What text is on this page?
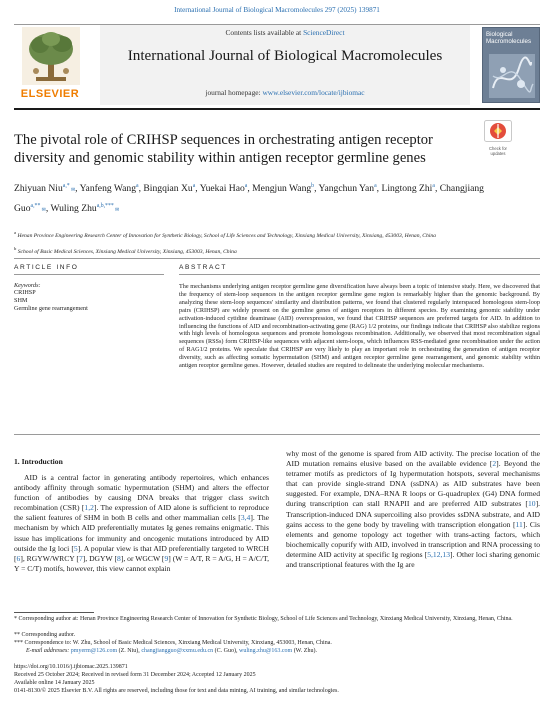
International Journal of Biological Macromolecules 297 (2025) 139871
ELSEVIER
Contents lists available at ScienceDirect
International Journal of Biological Macromolecules
journal homepage: www.elsevier.com/locate/ijbiomac
Biological Macromolecules
The pivotal role of CRIHSP sequences in orchestrating antigen receptor
diversity and genomic stability within antigen receptor germline genes
Check for
updates
Zhiyuan Niu$^{a,*}$ ✉, Yanfeng Wang$^a$, Bingqian Xu$^a$, Yuekai Hao$^a$, Mengjun Wang$^b$, Yangchun Yan$^a$, Lingtong Zhi$^a$, Changjiang Guo$^{a,**}$ ✉, Wuling Zhu$^{a,b,***}$ ✉
$^a$ Henan Province Engineering Research Center of Innovation for Synthetic Biology, School of Life Sciences and Technology, Xinxiang Medical University, Xinxiang, 453003, Henan, China
$^b$ School of Basic Medical Sciences, Xinxiang Medical University, Xinxiang, 453003, Henan, China
ARTICLE INFO
Keywords:
CRIHSP
SHM
Germline gene rearrangement
ABSTRACT
The mechanisms underlying antigen receptor germline gene diversification have always been a topic of intensive study. Here, we discovered that the frequency of stem-loop sequences in the antigen receptor germline gene region is remarkably higher than the genomic background. By analyzing these stem-loop sequences' similarity and distribution patterns, we found that clustered regularly interspaced homologous stem-loop pairs (CRIHSP) are widely present on the germline genes of antigen receptors in different species. By examining genomic stability under activation-induced cytidine deaminase (AID) overexpression, we found that CRIHSP sequences are preferred targets for AID. In addition to influencing the functions of AID and recombination-activating gene (RAG) 1/2 proteins, our findings indicate that CRIHSP also stabilize regions with high levels of homologous sequences and promote homologous recombination. Additionally, we observed that most recombination signal sequences (RSSs) form CRIHSP-like sequences with adjacent stem-loops, which influences RSS-mediated gene recombination under the action of RAG1/2 proteins. We speculate that CRIHSP are very likely to play an important role in orchestrating the generation of antigen receptor diversity, such as affecting somatic hypermutation (SHM) and antigen receptor germline gene rearrangement, and genomic stability within antigen receptor germline genes. However, detailed studies are required to delineate the underlying molecular mechanisms.
1. Introduction
AID is a central factor in generating antibody repertoires, which enhances antibody affinity through somatic hypermutation (SHM) and alters the effector function of antibodies by causing DNA breaks that trigger class switch recombination (CSR) [1,2]. The expression of AID alone is sufficient to reproduce the salient features of SHM in both B cells and other mammalian cells [3,4]. The mechanism by which AID preferentially mutates Ig genes remains enigmatic. This issue has implications for immunity and oncogenic mutations introduced by AID outside the Ig loci [5]. A popular view is that AID preferentially targeted to WRCH [6], RGYW/WRCY [7], DGYW [8], or WGCW [9] (W = A/T, R = A/G, H = A/C/T, Y = C/T) motifs, however, this view cannot explain
why most of the genome is spared from AID activity. The precise location of the AID mutation remains elusive based on the available evidence [2]. Beyond the tetramer motifs as predictors of Ig hypermutation hotspots, several mechanisms that can provide single-strand DNA (ssDNA) as AID substrates have been suggested. For example, DNA–RNA R loops or G-quadruplex (G4) DNA formed during transcription can stall RNAPII and are preferred AID substrates [10]. Transcription-induced DNA supercoiling also provides ssDNA substrate, and AID gains access to the gene body by traveling with transcription elongation [11]. Cis elements and genome topology act together with trans-acting factors, which biochemically copurify with AID, involved in transcription and RNA processing to determine AID activity at specific Ig regions [5,12,13]. Other loci sharing genomic and transcriptional features with the Ig are
* Corresponding author at: Henan Province Engineering Research Center of Innovation for Synthetic Biology, School of Life Sciences and Technology, Xinxiang Medical University, Xinxiang, Henan, China.
** Corresponding author.
*** Correspondence to: W. Zhu, School of Basic Medical Sciences, Xinxiang Medical University, Xinxiang, 453003, Henan, China.
E-mail addresses: pmyerm@126.com (Z. Niu), changjiangguo@xxmu.edu.cn (C. Guo), wuling.zhu@163.com (W. Zhu).
https://doi.org/10.1016/j.ijbiomac.2025.139871
Received 25 October 2024; Received in revised form 31 December 2024; Accepted 12 January 2025
Available online 14 January 2025
0141-8130/© 2025 Elsevier B.V. All rights are reserved, including those for text and data mining, AI training, and similar technologies.
